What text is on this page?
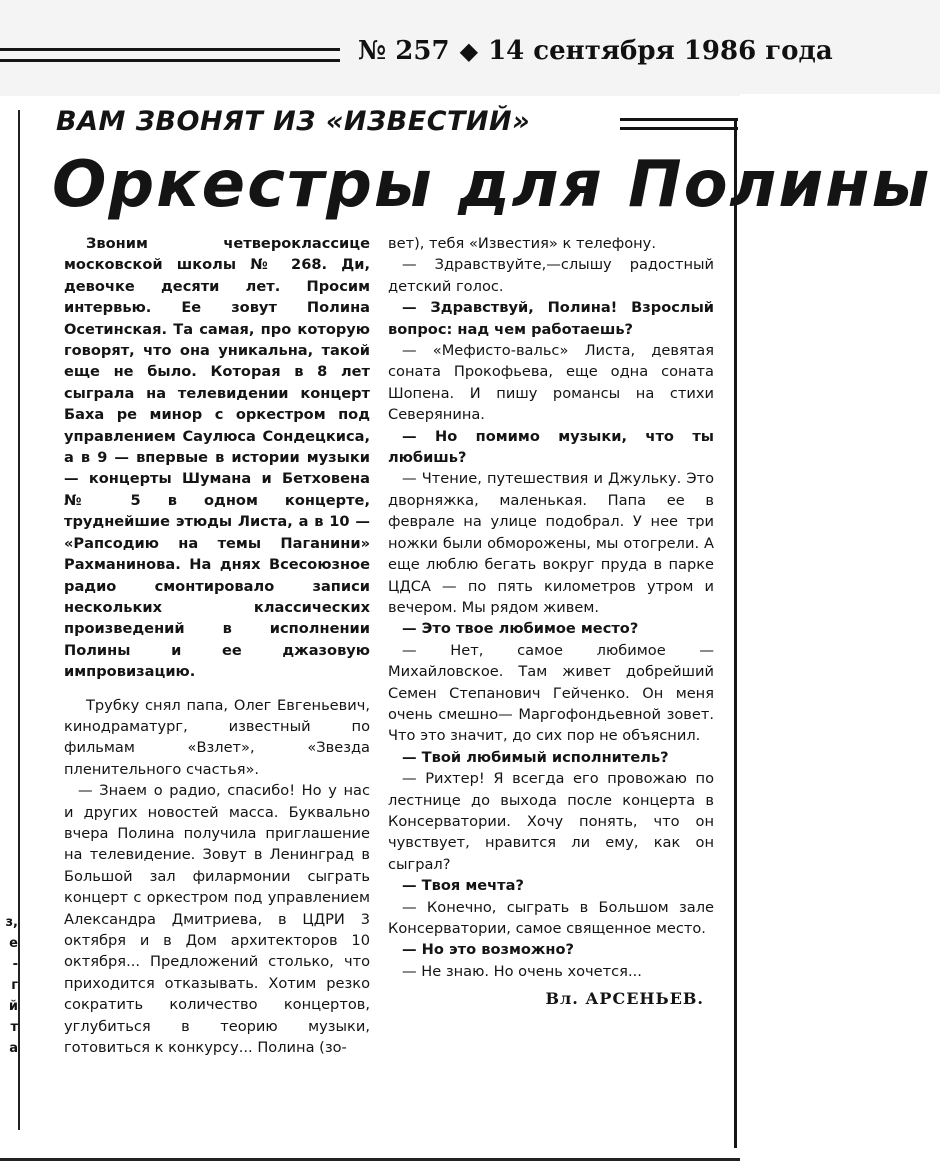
№ 257 ◆ 14 сентября 1986 года
з,
е
-
г
й
т
а
ВАМ ЗВОНЯТ ИЗ «ИЗВЕСТИЙ»
Оркестры для Полины

Звоним четвероклассице московской школы № 268. Ди, девочке десяти лет. Просим интервью. Ее зовут Полина Осетинская. Та самая, про которую говорят, что она уникальна, такой еще не было. Которая в 8 лет сыграла на телевидении концерт Баха ре минор с оркестром под управлением Саулюса Сондецкиса, а в 9 — впервые в истории музыки — концерты Шумана и Бетховена № 5 в одном концерте, труднейшие этюды Листа, а в 10 — «Рапсодию на темы Паганини» Рахманинова. На днях Всесоюзное радио смонтировало записи нескольких классических произведений в исполнении Полины и ее джазовую импровизацию.

Трубку снял папа, Олег Евгеньевич, кинодраматург, известный по фильмам «Взлет», «Звезда пленительного счастья».

— Знаем о радио, спасибо! Но у нас и других новостей масса. Буквально вчера Полина получила приглашение на телевидение. Зовут в Ленинград в Большой зал филармонии сыграть концерт с оркестром под управлением Александра Дмитриева, в ЦДРИ 3 октября и в Дом архитекторов 10 октября... Предложений столько, что приходится отказывать. Хотим резко сократить количество концертов, углубиться в теорию музыки, готовиться к конкурсу... Полина (зо-

вет), тебя «Известия» к телефону.

— Здравствуйте,—слышу радостный детский голос.

— Здравствуй, Полина! Взрослый вопрос: над чем работаешь?

— «Мефисто-вальс» Листа, девятая соната Прокофьева, еще одна соната Шопена. И пишу романсы на стихи Северянина.

— Но помимо музыки, что ты любишь?

— Чтение, путешествия и Джульку. Это дворняжка, маленькая. Папа ее в феврале на улице подобрал. У нее три ножки были обморожены, мы отогрели. А еще люблю бегать вокруг пруда в парке ЦДСА — по пять километров утром и вечером. Мы рядом живем.

— Это твое любимое место?

— Нет, самое любимое — Михайловское. Там живет добрейший Семен Степанович Гейченко. Он меня очень смешно— Маргофондьевной зовет. Что это значит, до сих пор не объяснил.

— Твой любимый исполнитель?

— Рихтер! Я всегда его провожаю по лестнице до выхода после концерта в Консерватории. Хочу понять, что он чувствует, нравится ли ему, как он сыграл?

— Твоя мечта?

— Конечно, сыграть в Большом зале Консерватории, самое священное место.

— Но это возможно?

— Не знаю. Но очень хочется...

Вл. АРСЕНЬЕВ.
